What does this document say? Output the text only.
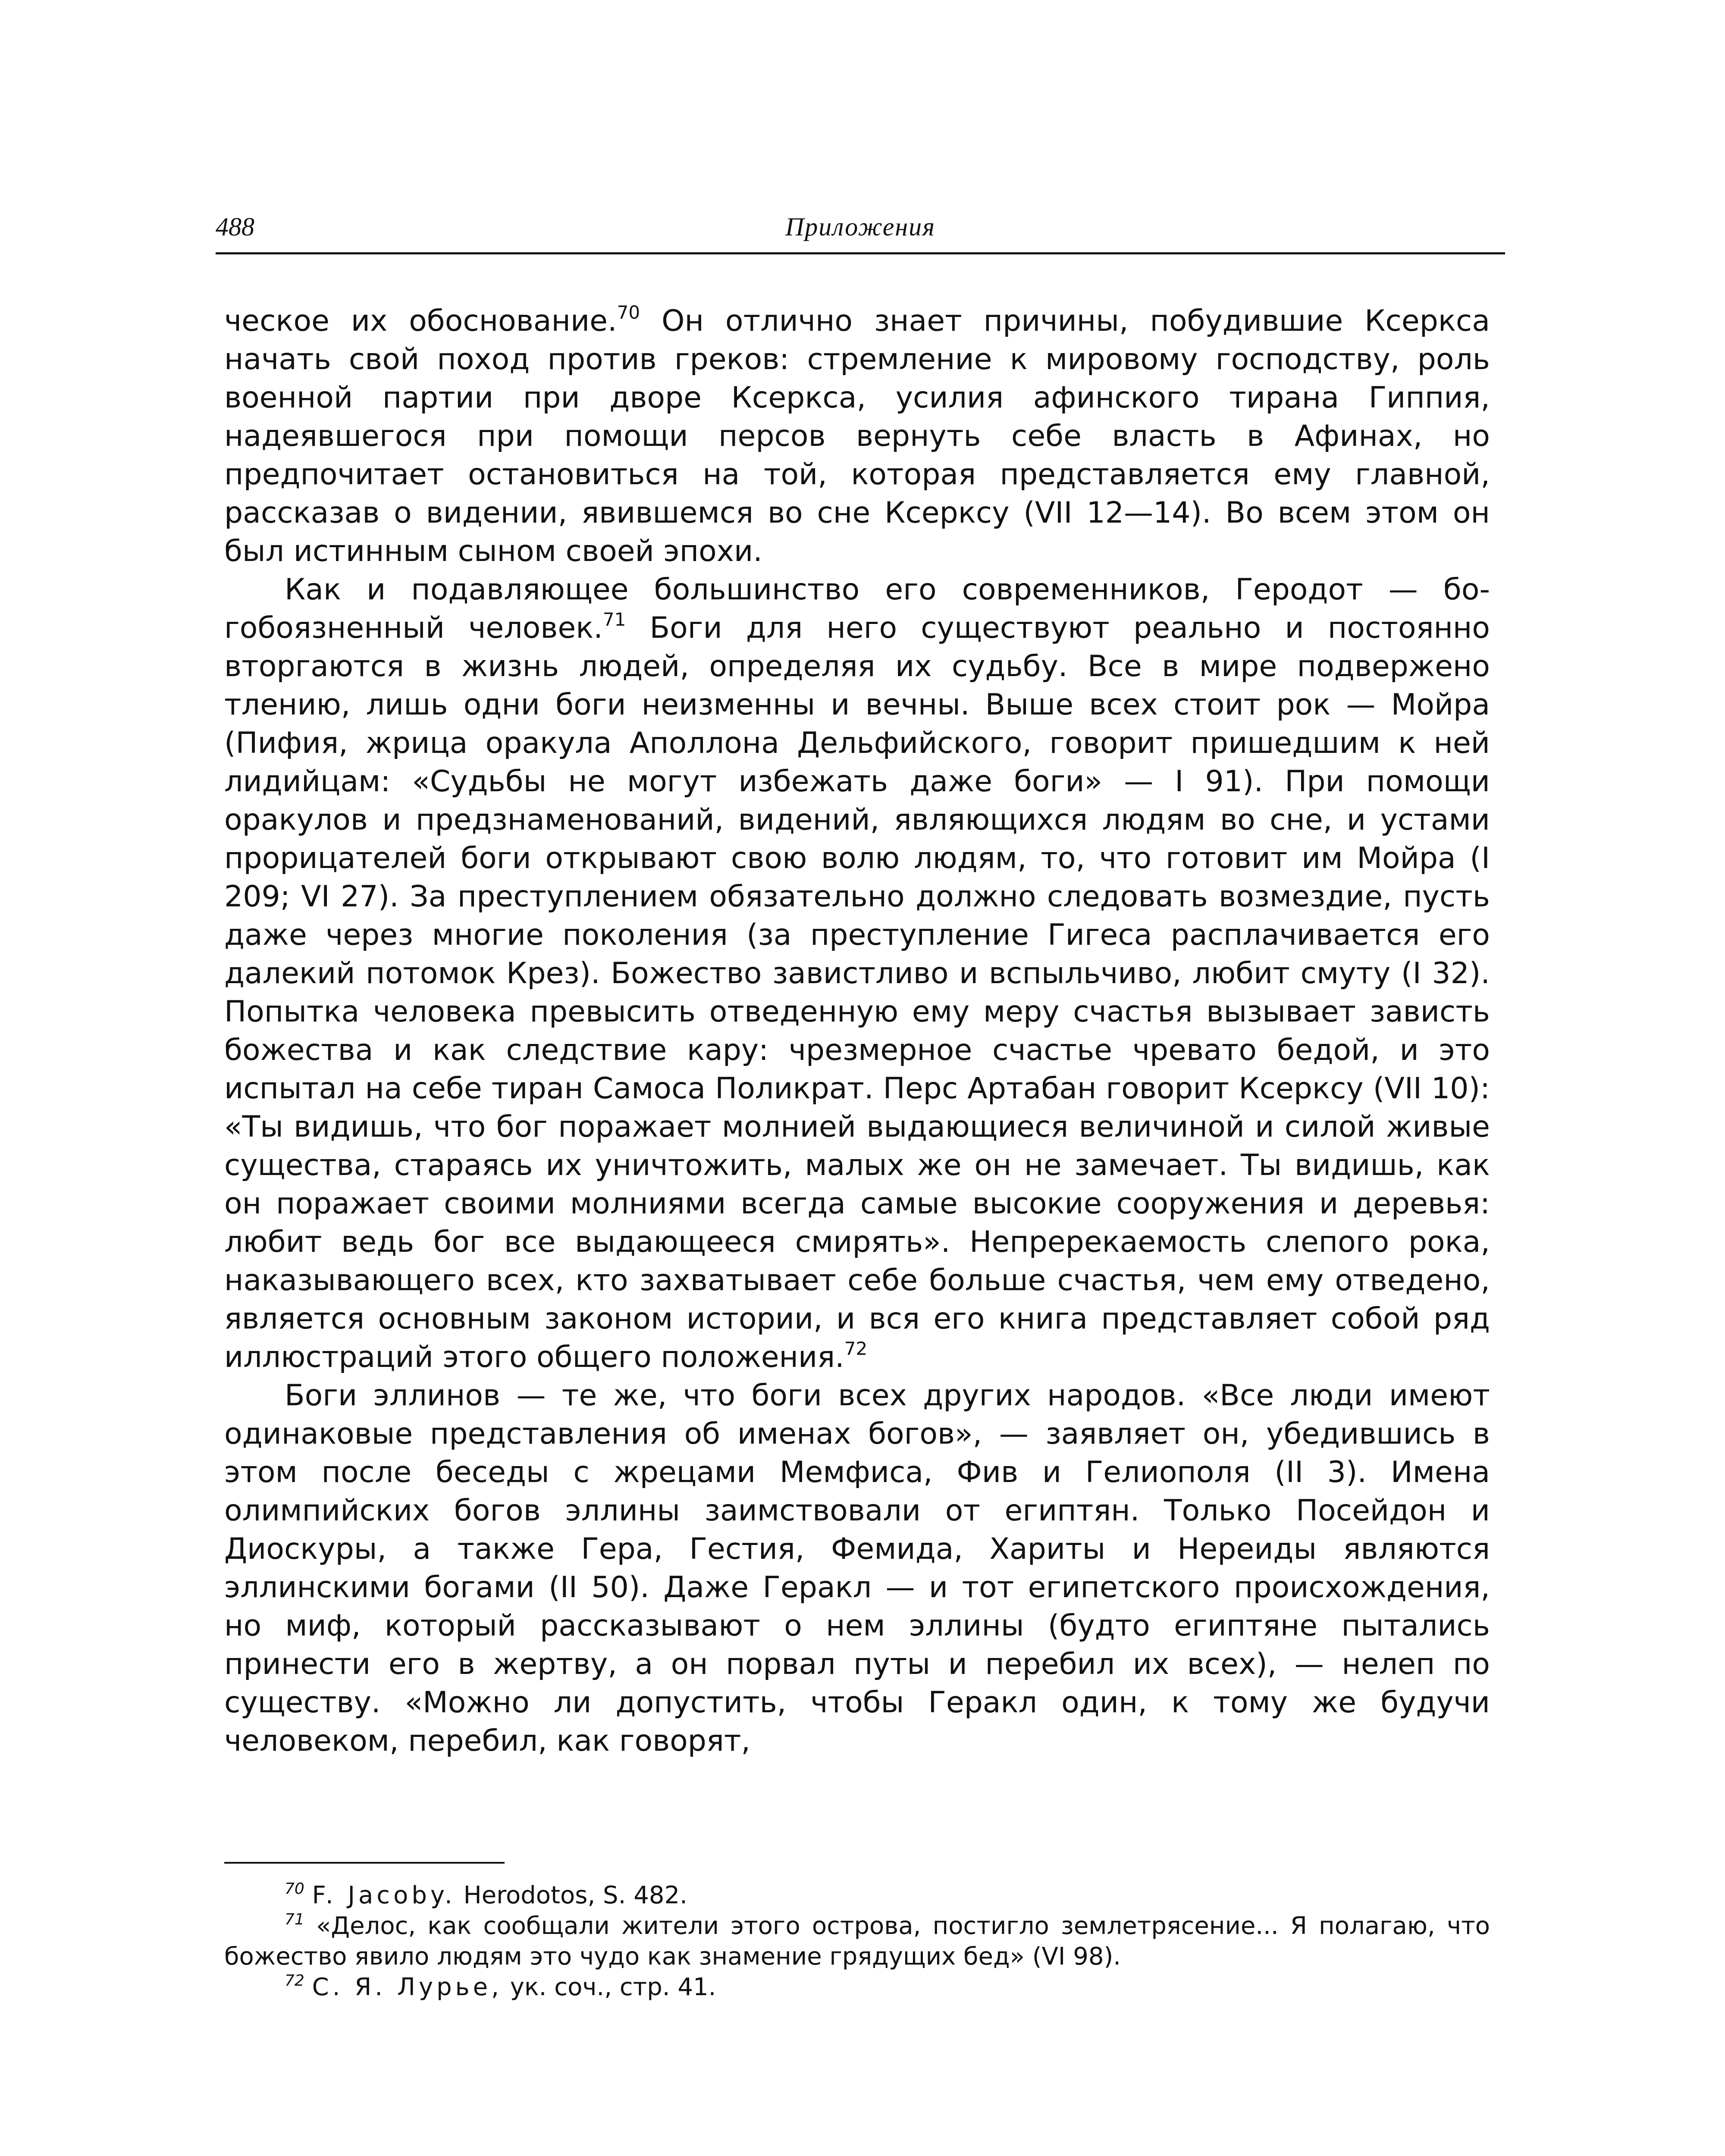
488	Приложения

ческое их обоснование.$^{70}$ Он отлично знает причины, побудившие Ксеркса начать свой поход против греков: стремление к мировому господству, роль военной партии при дворе Ксеркса, усилия афинского тирана Гиппия, надеявшегося при помощи персов вернуть себе власть в Афинах, но предпочитает остановиться на той, которая представляется ему главной, рассказав о видении, явившемся во сне Ксерксу (VII 12—14). Во всем этом он был истинным сыном своей эпохи.

Как и подавляющее большинство его современников, Геродот — богобоязненный человек.$^{71}$ Боги для него существуют реально и постоянно вторгаются в жизнь людей, определяя их судьбу. Все в мире подвержено тлению, лишь одни боги неизменны и вечны. Выше всех стоит рок — Мойра (Пифия, жрица оракула Аполлона Дельфийского, говорит пришедшим к ней лидийцам: «Судьбы не могут избежать даже боги» — I 91). При помощи оракулов и предзнаменований, видений, являющихся людям во сне, и устами прорицателей боги открывают свою волю людям, то, что готовит им Мойра (I 209; VI 27). За преступлением обязательно должно следовать возмездие, пусть даже через многие поколения (за преступление Гигеса расплачивается его далекий потомок Крез). Божество завистливо и вспыльчиво, любит смуту (I 32). Попытка человека превысить отведенную ему меру счастья вызывает зависть божества и как следствие кару: чрезмерное счастье чревато бедой, и это испытал на себе тиран Самоса Поликрат. Перс Артабан говорит Ксерксу (VII 10): «Ты видишь, что бог поражает молнией выдающиеся величиной и силой живые существа, стараясь их уничтожить, малых же он не замечает. Ты видишь, как он поражает своими молниями всегда самые высокие сооружения и деревья: любит ведь бог все выдающееся смирять». Непререкаемость слепого рока, наказывающего всех, кто захватывает себе больше счастья, чем ему отведено, является основным законом истории, и вся его книга представляет собой ряд иллюстраций этого общего положения.$^{72}$

Боги эллинов — те же, что боги всех других народов. «Все люди имеют одинаковые представления об именах богов», — заявляет он, убедившись в этом после беседы с жрецами Мемфиса, Фив и Гелиополя (II 3). Имена олимпийских богов эллины заимствовали от египтян. Только Посейдон и Диоскуры, а также Гера, Гестия, Фемида, Хариты и Нереиды являются эллинскими богами (II 50). Даже Геракл — и тот египетского происхождения, но миф, который рассказывают о нем эллины (будто египтяне пытались принести его в жертву, а он порвал путы и перебил их всех), — нелеп по существу. «Можно ли допустить, чтобы Геракл один, к тому же будучи человеком, перебил, как говорят,

$^{70}$ F. Jacoby. Herodotos, S. 482.

$^{71}$ «Делос, как сообщали жители этого острова, постигло землетрясение... Я полагаю, что божество явило людям это чудо как знамение грядущих бед» (VI 98).

$^{72}$ С. Я. Лурье, ук. соч., стр. 41.
